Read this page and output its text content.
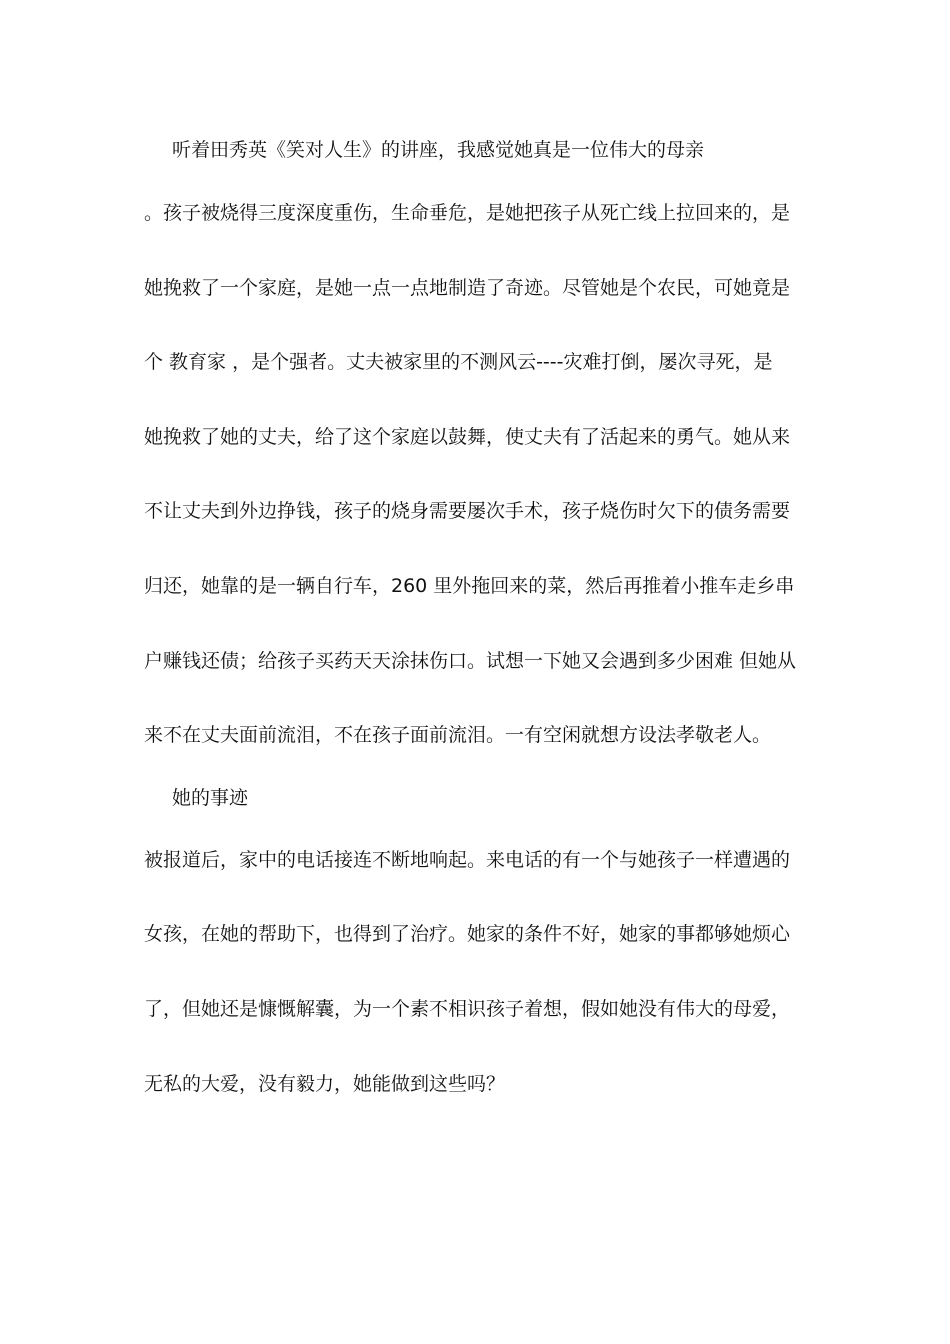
听着田秀英《笑对人生》的讲座，我感觉她真是一位伟大的母亲
。孩子被烧得三度深度重伤，生命垂危，是她把孩子从死亡线上拉回来的，是
她挽救了一个家庭，是她一点一点地制造了奇迹。尽管她是个农民，可她竟是
个 教育家 ，是个强者。丈夫被家里的不测风云----灾难打倒，屡次寻死，是
她挽救了她的丈夫，给了这个家庭以鼓舞，使丈夫有了活起来的勇气。她从来
不让丈夫到外边挣钱，孩子的烧身需要屡次手术，孩子烧伤时欠下的债务需要
归还，她靠的是一辆自行车，260 里外拖回来的菜，然后再推着小推车走乡串
户赚钱还债；给孩子买药天天涂抹伤口。试想一下她又会遇到多少困难 但她从
来不在丈夫面前流泪，不在孩子面前流泪。一有空闲就想方设法孝敬老人。
她的事迹
被报道后，家中的电话接连不断地响起。来电话的有一个与她孩子一样遭遇的
女孩，在她的帮助下，也得到了治疗。她家的条件不好，她家的事都够她烦心
了，但她还是慷慨解囊，为一个素不相识孩子着想，假如她没有伟大的母爱，
无私的大爱，没有毅力，她能做到这些吗？
